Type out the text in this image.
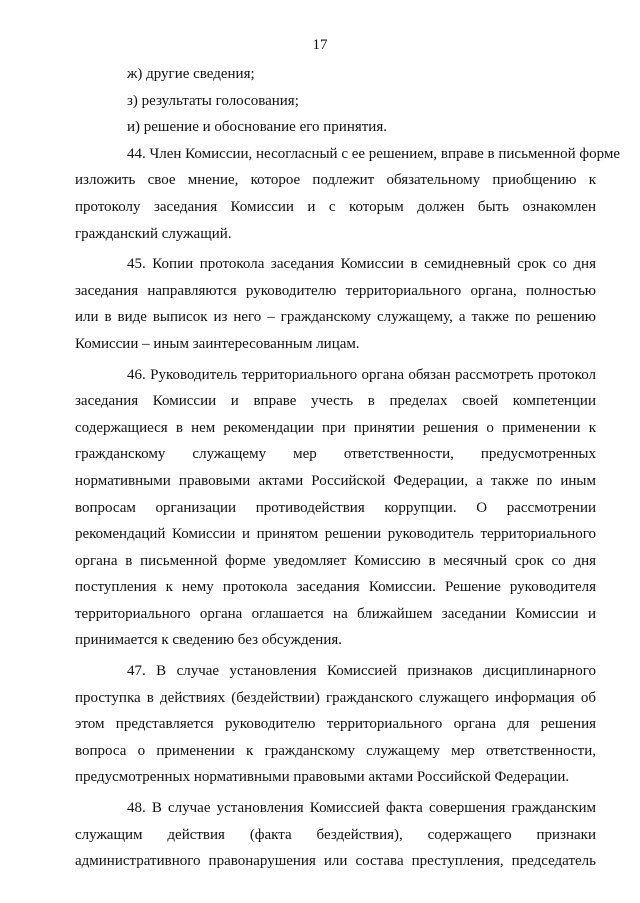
17
ж) другие сведения;
з) результаты голосования;
и) решение и обоснование его принятия.
44. Член Комиссии, несогласный с ее решением, вправе в письменной форме
изложить свое мнение, которое подлежит обязательному приобщению к
протоколу заседания Комиссии и с которым должен быть ознакомлен
гражданский служащий.
45. Копии протокола заседания Комиссии в семидневный срок со дня
заседания направляются руководителю территориального органа, полностью
или в виде выписок из него – гражданскому служащему, а также по решению
Комиссии – иным заинтересованным лицам.
46. Руководитель территориального органа обязан рассмотреть протокол
заседания Комиссии и вправе учесть в пределах своей компетенции
содержащиеся в нем рекомендации при принятии решения о применении к
гражданскому служащему мер ответственности, предусмотренных
нормативными правовыми актами Российской Федерации, а также по иным
вопросам организации противодействия коррупции. О рассмотрении
рекомендаций Комиссии и принятом решении руководитель территориального
органа в письменной форме уведомляет Комиссию в месячный срок со дня
поступления к нему протокола заседания Комиссии. Решение руководителя
территориального органа оглашается на ближайшем заседании Комиссии и
принимается к сведению без обсуждения.
47. В случае установления Комиссией признаков дисциплинарного
проступка в действиях (бездействии) гражданского служащего информация об
этом представляется руководителю территориального органа для решения
вопроса о применении к гражданскому служащему мер ответственности,
предусмотренных нормативными правовыми актами Российской Федерации.
48. В случае установления Комиссией факта совершения гражданским
служащим действия (факта бездействия), содержащего признаки
административного правонарушения или состава преступления, председатель
